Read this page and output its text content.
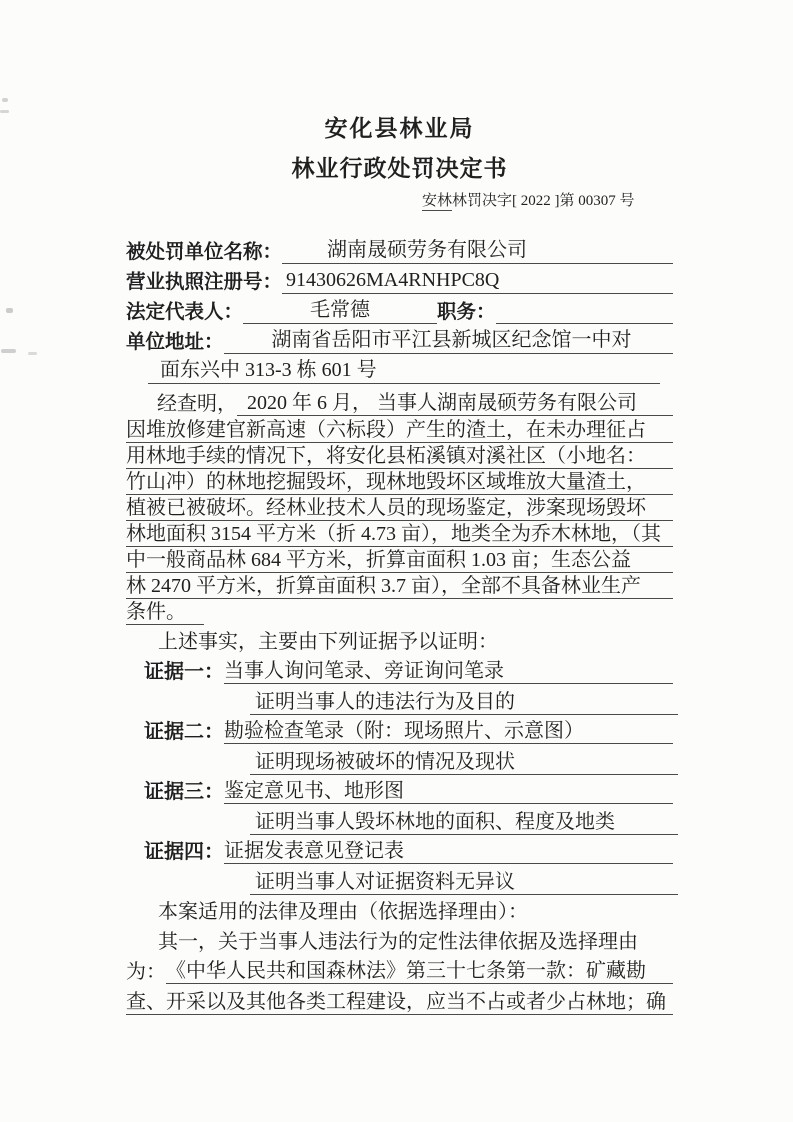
安化县林业局
林业行政处罚决定书
安林林罚决字[ 2022 ]第 00307 号
被处罚单位名称：	湖南晟硕劳务有限公司
营业执照注册号： 91430626MA4RNHPC8Q
法定代表人：	毛常德	职务：
单位地址：	湖南省岳阳市平江县新城区纪念馆一中对
面东兴中 313-3 栋 601 号
经查明， 2020 年 6 月， 当事人湖南晟硕劳务有限公司
因堆放修建官新高速（六标段）产生的渣土，在未办理征占
用林地手续的情况下，将安化县柘溪镇对溪社区（小地名：
竹山冲）的林地挖掘毁坏，现林地毁坏区域堆放大量渣土，
植被已被破坏。经林业技术人员的现场鉴定，涉案现场毁坏
林地面积 3154 平方米（折 4.73 亩），地类全为乔木林地，（其
中一般商品林 684 平方米，折算亩面积 1.03 亩；生态公益
林 2470 平方米，折算亩面积 3.7 亩），全部不具备林业生产
条件。
上述事实，主要由下列证据予以证明：
证据一： 当事人询问笔录、旁证询问笔录
证明当事人的违法行为及目的
证据二： 勘验检查笔录（附：现场照片、示意图）
证明现场被破坏的情况及现状
证据三： 鉴定意见书、地形图
证明当事人毁坏林地的面积、程度及地类
证据四： 证据发表意见登记表
证明当事人对证据资料无异议
本案适用的法律及理由（依据选择理由）：
其一，关于当事人违法行为的定性法律依据及选择理由
为： 《中华人民共和国森林法》第三十七条第一款：矿藏勘
查、开采以及其他各类工程建设，应当不占或者少占林地；确
